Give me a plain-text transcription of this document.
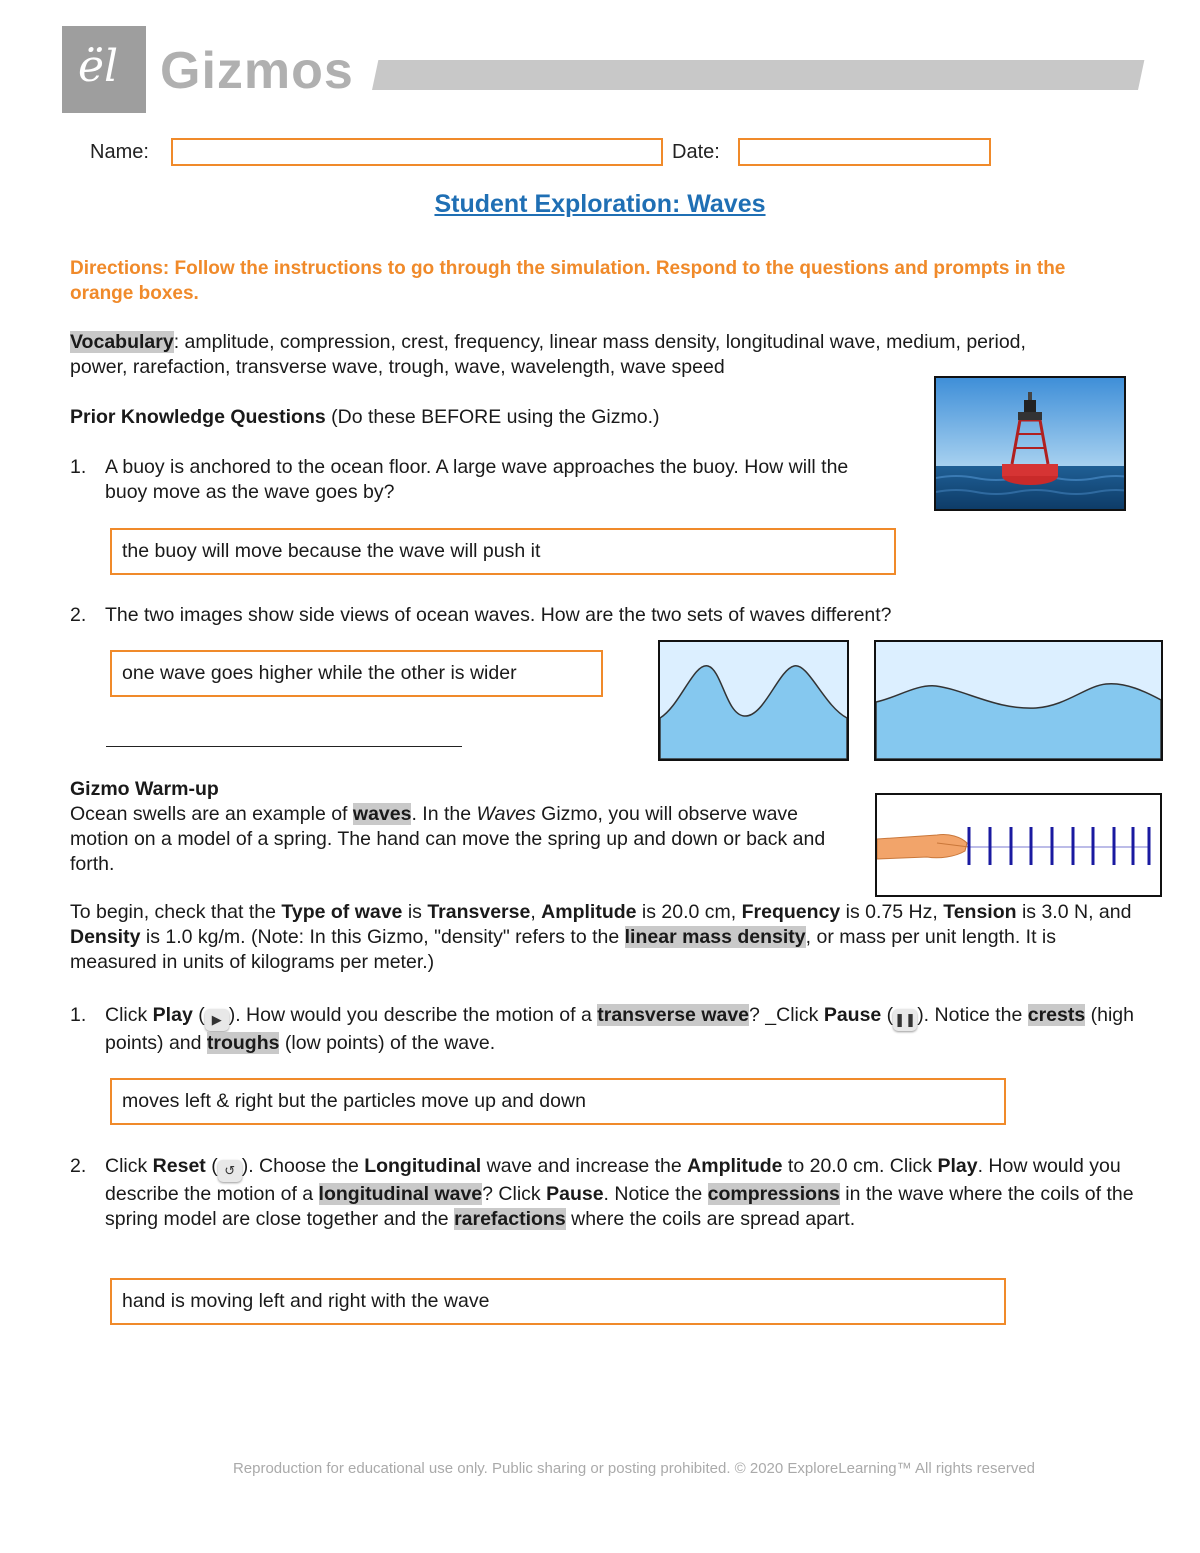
ël Gizmos
Name:	Date:
Student Exploration: Waves
Directions: Follow the instructions to go through the simulation. Respond to the questions and prompts in the orange boxes.
Vocabulary: amplitude, compression, crest, frequency, linear mass density, longitudinal wave, medium, period, power, rarefaction, transverse wave, trough, wave, wavelength, wave speed
Prior Knowledge Questions (Do these BEFORE using the Gizmo.)
1. A buoy is anchored to the ocean floor. A large wave approaches the buoy. How will the buoy move as the wave goes by?
the buoy will move because the wave will push it
2. The two images show side views of ocean waves. How are the two sets of waves different?
one wave goes higher while the other is wider
Gizmo Warm-up
Ocean swells are an example of waves. In the Waves Gizmo, you will observe wave motion on a model of a spring. The hand can move the spring up and down or back and forth.
To begin, check that the Type of wave is Transverse, Amplitude is 20.0 cm, Frequency is 0.75 Hz, Tension is 3.0 N, and Density is 1.0 kg/m. (Note: In this Gizmo, "density" refers to the linear mass density, or mass per unit length. It is measured in units of kilograms per meter.)
1. Click Play ( ▶ ). How would you describe the motion of a transverse wave? _Click Pause (❚❚). Notice the crests (high points) and troughs (low points) of the wave.
moves left & right but the particles move up and down
2. Click Reset ( ↺ ). Choose the Longitudinal wave and increase the Amplitude to 20.0 cm. Click Play. How would you describe the motion of a longitudinal wave? Click Pause. Notice the compressions in the wave where the coils of the spring model are close together and the rarefactions where the coils are spread apart.
hand is moving left and right with the wave
Reproduction for educational use only. Public sharing or posting prohibited. © 2020 ExploreLearning™ All rights reserved
